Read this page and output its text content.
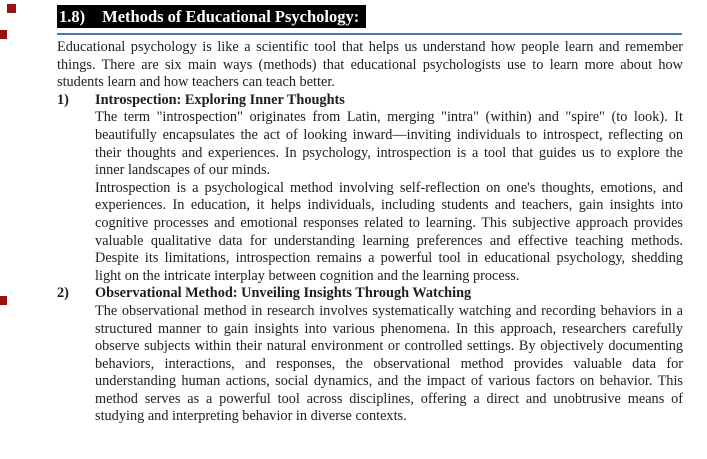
1.8) Methods of Educational Psychology:

Educational psychology is like a scientific tool that helps us understand how people learn and remember things. There are six main ways (methods) that educational psychologists use to learn more about how students learn and how teachers can teach better.

1)	Introspection: Exploring Inner Thoughts

The term "introspection" originates from Latin, merging "intra" (within) and "spire" (to look). It beautifully encapsulates the act of looking inward—inviting individuals to introspect, reflecting on their thoughts and experiences. In psychology, introspection is a tool that guides us to explore the inner landscapes of our minds.

Introspection is a psychological method involving self-reflection on one's thoughts, emotions, and experiences. In education, it helps individuals, including students and teachers, gain insights into cognitive processes and emotional responses related to learning. This subjective approach provides valuable qualitative data for understanding learning preferences and effective teaching methods. Despite its limitations, introspection remains a powerful tool in educational psychology, shedding light on the intricate interplay between cognition and the learning process.

2)	Observational Method: Unveiling Insights Through Watching

The observational method in research involves systematically watching and recording behaviors in a structured manner to gain insights into various phenomena. In this approach, researchers carefully observe subjects within their natural environment or controlled settings. By objectively documenting behaviors, interactions, and responses, the observational method provides valuable data for understanding human actions, social dynamics, and the impact of various factors on behavior. This method serves as a powerful tool across disciplines, offering a direct and unobtrusive means of studying and interpreting behavior in diverse contexts.
